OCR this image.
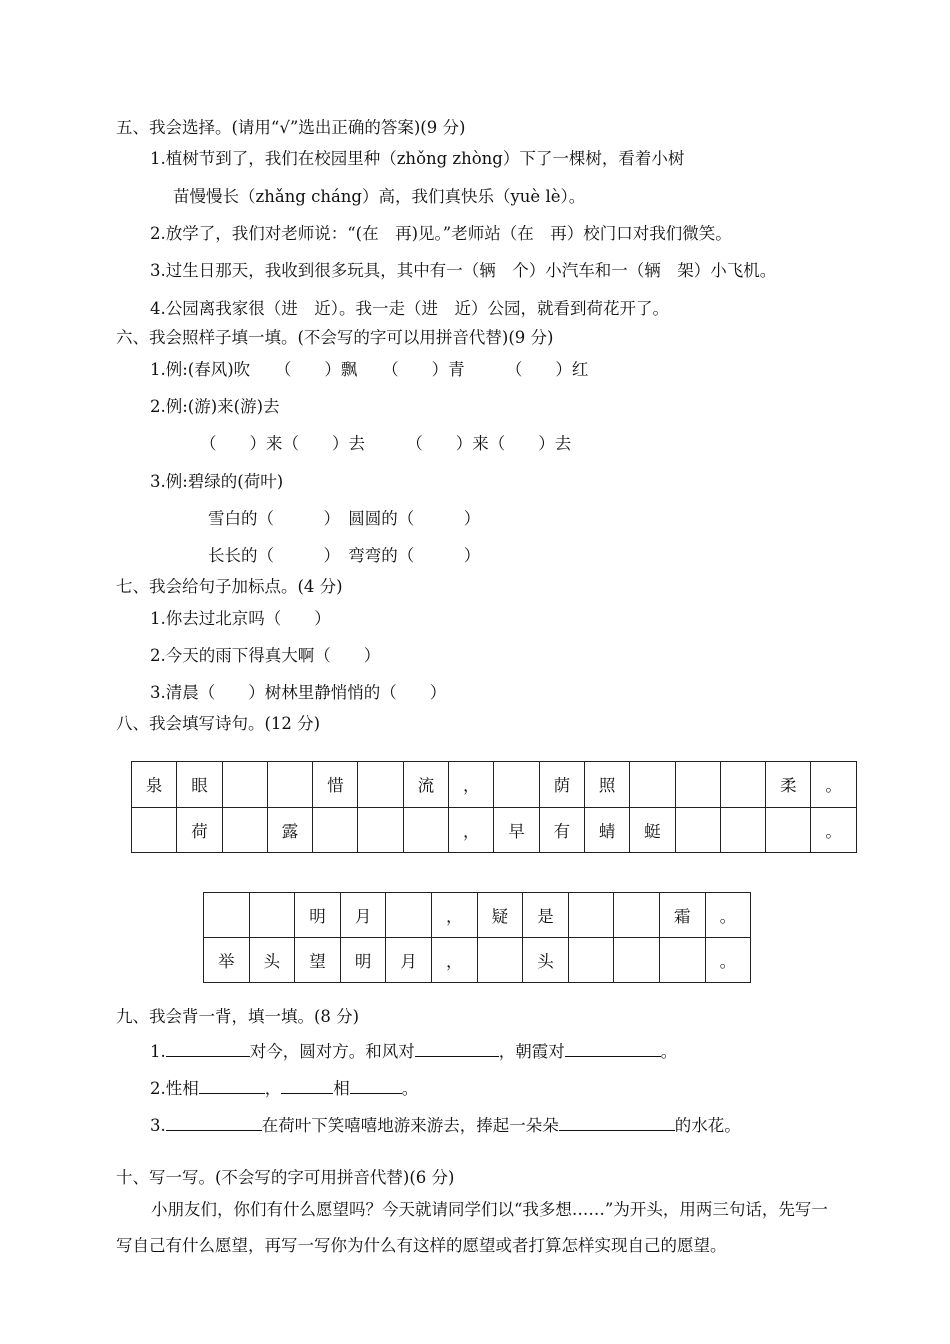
五、我会选择。(请用“√”选出正确的答案)(9 分)
1.植树节到了，我们在校园里种（zhǒng zhòng）下了一棵树，看着小树
苗慢慢长（zhǎng cháng）高，我们真快乐（yuè lè）。
2.放学了，我们对老师说：“(在　再)见。”老师站（在　再）校门口对我们微笑。
3.过生日那天，我收到很多玩具，其中有一（辆　个）小汽车和一（辆　架）小飞机。
4.公园离我家很（进　近）。我一走（进　近）公园，就看到荷花开了。
六、我会照样子填一填。(不会写的字可以用拼音代替)(9 分)
1.例:(春风)吹　　（　　）飘　　（　　）青　　　（　　）红
2.例:(游)来(游)去
（　　）来（　　）去　　　（　　）来（　　）去
3.例:碧绿的(荷叶)
雪白的（　　　）　圆圆的（　　　）
长长的（　　　）　弯弯的（　　　）
七、我会给句子加标点。(4 分)
1.你去过北京吗（　　）
2.今天的雨下得真大啊（　　）
3.清晨（　　）树林里静悄悄的（　　）
八、我会填写诗句。(12 分)
泉	眼			惜		流	，		荫	照				柔	。
	荷		露				，	早	有	蜻	蜓				。
		明	月		，	疑	是			霜	。
举	头	望	明	月	，		头				。
九、我会背一背，填一填。(8 分)
1.	对今，圆对方。和风对	，朝霞对	。
2.性相	，	相	。
3.	在荷叶下笑嘻嘻地游来游去，捧起一朵朵	的水花。
十、写一写。(不会写的字可用拼音代替)(6 分)
小朋友们，你们有什么愿望吗？今天就请同学们以“我多想……”为开头，用两三句话，先写一写自己有什么愿望，再写一写你为什么有这样的愿望或者打算怎样实现自己的愿望。
